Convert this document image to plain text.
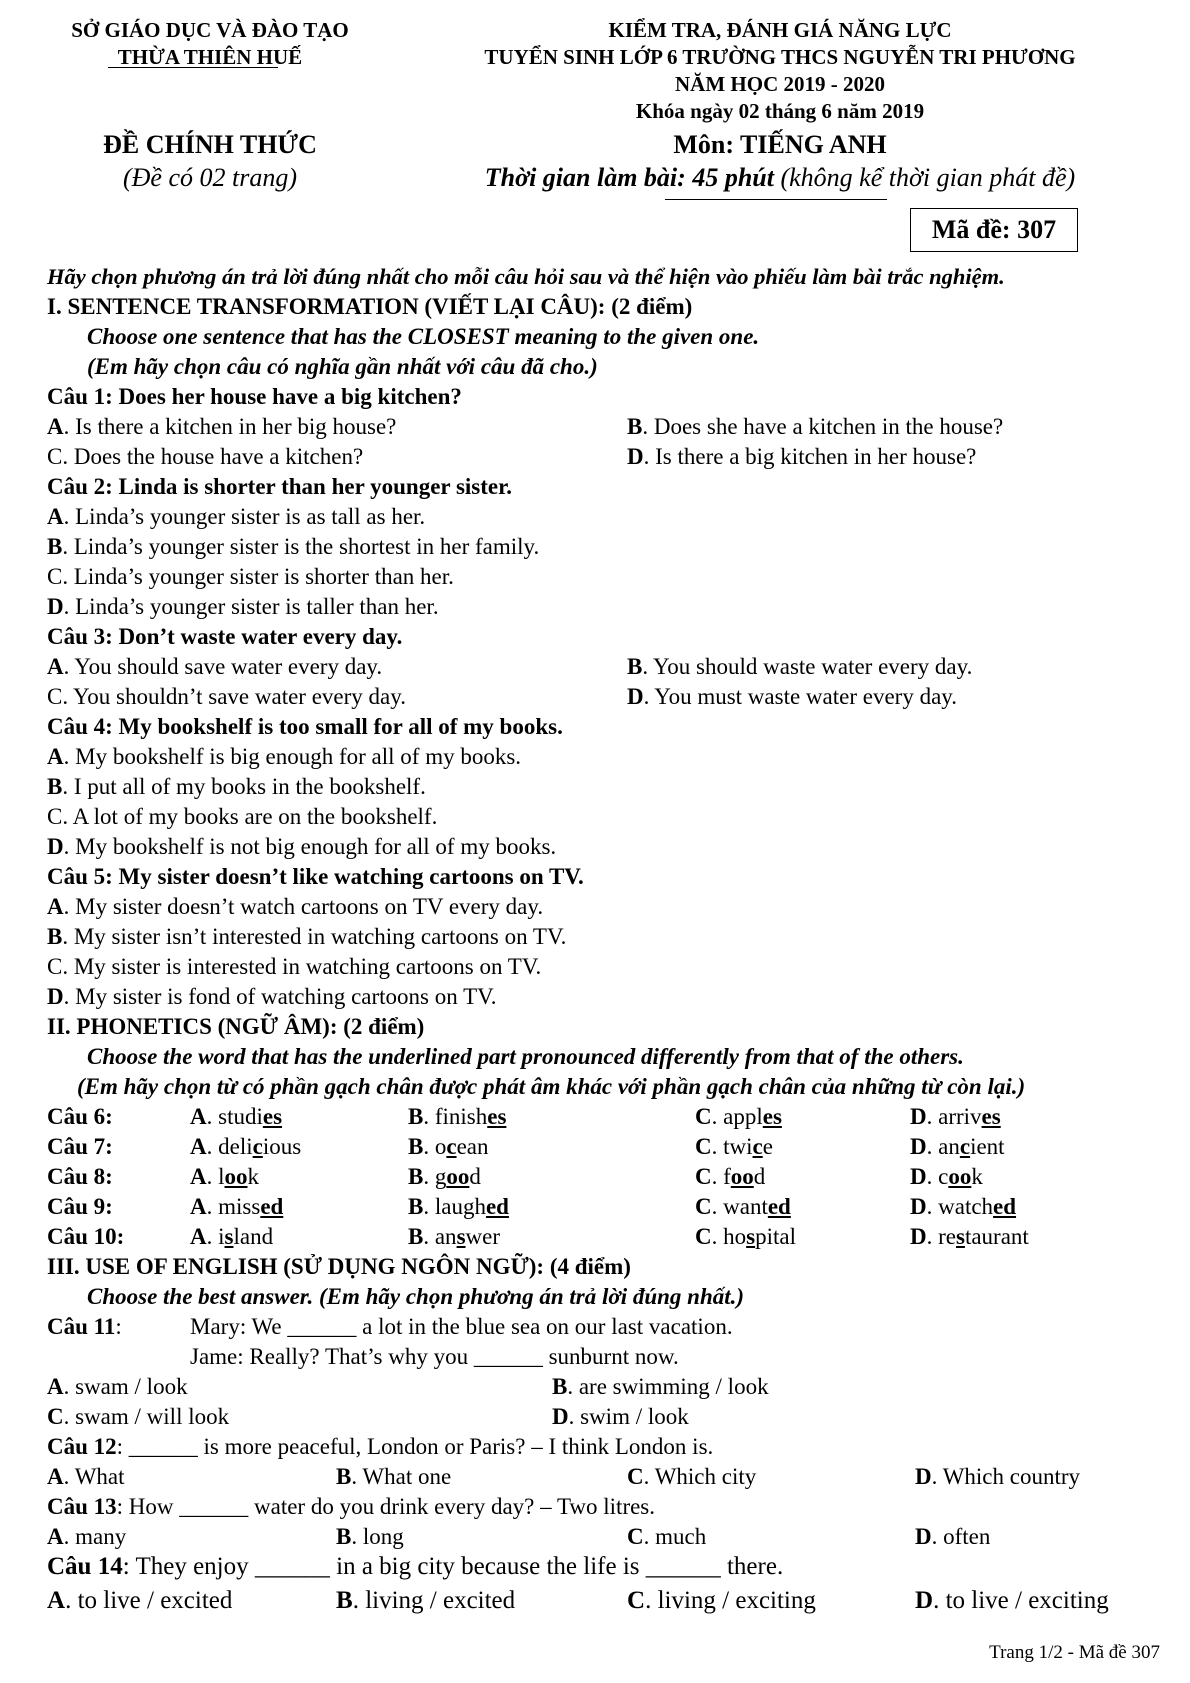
SỞ GIÁO DỤC VÀ ĐÀO TẠO
THỪA THIÊN HUẾ
KIỂM TRA, ĐÁNH GIÁ NĂNG LỰC
TUYỂN SINH LỚP 6 TRƯỜNG THCS NGUYỄN TRI PHƯƠNG
NĂM HỌC 2019 - 2020
Khóa ngày 02 tháng 6 năm 2019
ĐỀ CHÍNH THỨC
(Đề có 02 trang)
Môn: TIẾNG ANH
Thời gian làm bài: 45 phút (không kể thời gian phát đề)
Mã đề: 307
Hãy chọn phương án trả lời đúng nhất cho mỗi câu hỏi sau và thể hiện vào phiếu làm bài trắc nghiệm.
I. SENTENCE TRANSFORMATION (VIẾT LẠI CÂU): (2 điểm)
Choose one sentence that has the CLOSEST meaning to the given one.
(Em hãy chọn câu có nghĩa gần nhất với câu đã cho.)
Câu 1: Does her house have a big kitchen?
A. Is there a kitchen in her big house?	B. Does she have a kitchen in the house?
C. Does the house have a kitchen?	D. Is there a big kitchen in her house?
Câu 2: Linda is shorter than her younger sister.
A. Linda’s younger sister is as tall as her.
B. Linda’s younger sister is the shortest in her family.
C. Linda’s younger sister is shorter than her.
D. Linda’s younger sister is taller than her.
Câu 3: Don’t waste water every day.
A. You should save water every day.	B. You should waste water every day.
C. You shouldn’t save water every day.	D. You must waste water every day.
Câu 4: My bookshelf is too small for all of my books.
A. My bookshelf is big enough for all of my books.
B. I put all of my books in the bookshelf.
C. A lot of my books are on the bookshelf.
D. My bookshelf is not big enough for all of my books.
Câu 5: My sister doesn’t like watching cartoons on TV.
A. My sister doesn’t watch cartoons on TV every day.
B. My sister isn’t interested in watching cartoons on TV.
C. My sister is interested in watching cartoons on TV.
D. My sister is fond of watching cartoons on TV.
II. PHONETICS (NGỮ ÂM): (2 điểm)
Choose the word that has the underlined part pronounced differently from that of the others.
(Em hãy chọn từ có phần gạch chân được phát âm khác với phần gạch chân của những từ còn lại.)
Câu 6:	A. studies	B. finishes	C. apples	D. arrives
Câu 7:	A. delicious	B. ocean	C. twice	D. ancient
Câu 8:	A. look	B. good	C. food	D. cook
Câu 9:	A. missed	B. laughed	C. wanted	D. watched
Câu 10:	A. island	B. answer	C. hospital	D. restaurant
III. USE OF ENGLISH (SỬ DỤNG NGÔN NGỮ): (4 điểm)
Choose the best answer. (Em hãy chọn phương án trả lời đúng nhất.)
Câu 11:	Mary: We ______ a lot in the blue sea on our last vacation.
Jame: Really? That’s why you ______ sunburnt now.
A. swam / look	B. are swimming / look
C. swam / will look	D. swim / look
Câu 12: ______ is more peaceful, London or Paris? – I think London is.
A. What	B. What one	C. Which city	D. Which country
Câu 13: How ______ water do you drink every day? – Two litres.
A. many	B. long	C. much	D. often
Câu 14: They enjoy ______ in a big city because the life is ______ there.
A. to live / excited	B. living / excited	C. living / exciting	D. to live / exciting
Trang 1/2 - Mã đề 307
